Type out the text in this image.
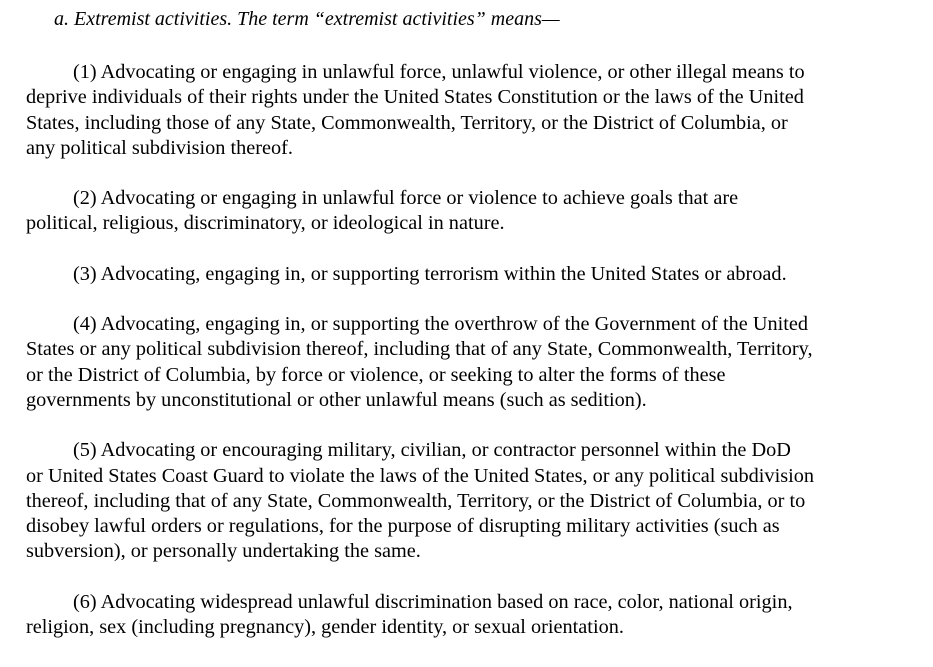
a. Extremist activities. The term “extremist activities” means—

(1) Advocating or engaging in unlawful force, unlawful violence, or other illegal means to
deprive individuals of their rights under the United States Constitution or the laws of the United
States, including those of any State, Commonwealth, Territory, or the District of Columbia, or
any political subdivision thereof.

(2) Advocating or engaging in unlawful force or violence to achieve goals that are
political, religious, discriminatory, or ideological in nature.

(3) Advocating, engaging in, or supporting terrorism within the United States or abroad.

(4) Advocating, engaging in, or supporting the overthrow of the Government of the United
States or any political subdivision thereof, including that of any State, Commonwealth, Territory,
or the District of Columbia, by force or violence, or seeking to alter the forms of these
governments by unconstitutional or other unlawful means (such as sedition).

(5) Advocating or encouraging military, civilian, or contractor personnel within the DoD
or United States Coast Guard to violate the laws of the United States, or any political subdivision
thereof, including that of any State, Commonwealth, Territory, or the District of Columbia, or to
disobey lawful orders or regulations, for the purpose of disrupting military activities (such as
subversion), or personally undertaking the same.

(6) Advocating widespread unlawful discrimination based on race, color, national origin,
religion, sex (including pregnancy), gender identity, or sexual orientation.
